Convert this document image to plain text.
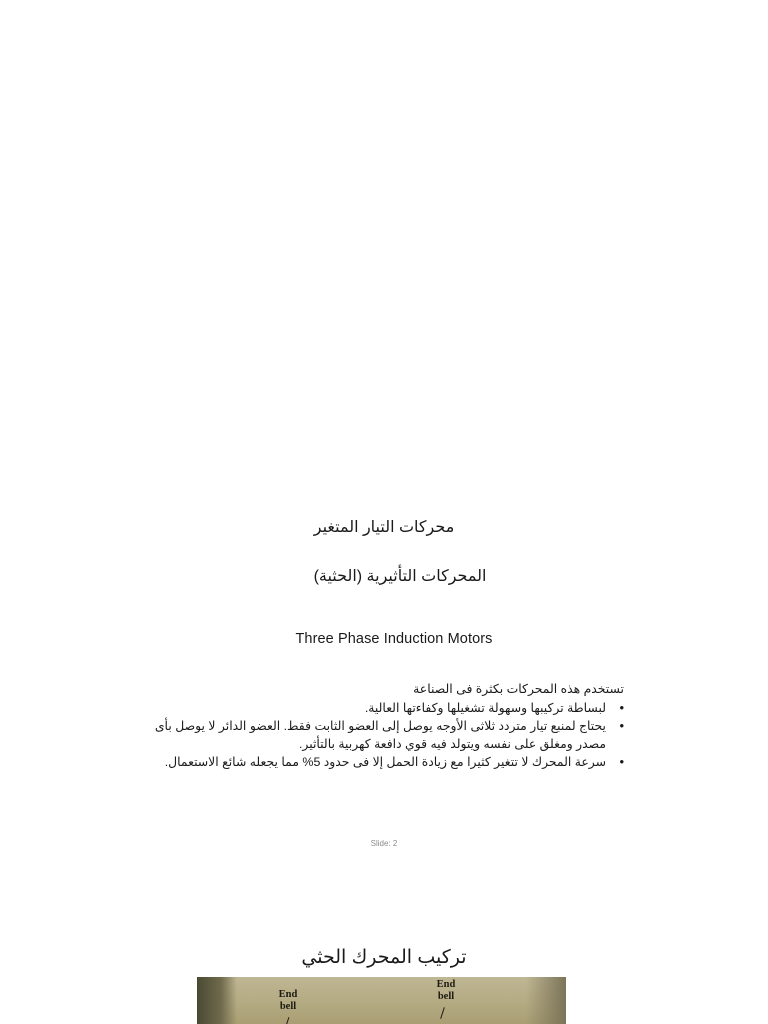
محركات التيار المتغير
المحركات التأثيرية (الحثية)
Three Phase Induction Motors
تستخدم هذه المحركات بكثرة فى الصناعة
•
لبساطة تركيبها وسهولة تشغيلها وكفاءتها العالية.
•
يحتاج لمنبع تيار متردد ثلاثى الأوجه يوصل إلى العضو الثابت فقط. العضو الدائر لا يوصل بأى مصدر ومغلق على نفسه ويتولد فيه قوي دافعة كهربية بالتأثير.
•
سرعة المحرك لا تتغير كثيرا مع زيادة الحمل إلا فى حدود 5% مما يجعله شائع الاستعمال.
Slide: 2
تركيب المحرك الحثي
End
bell
End
bell
